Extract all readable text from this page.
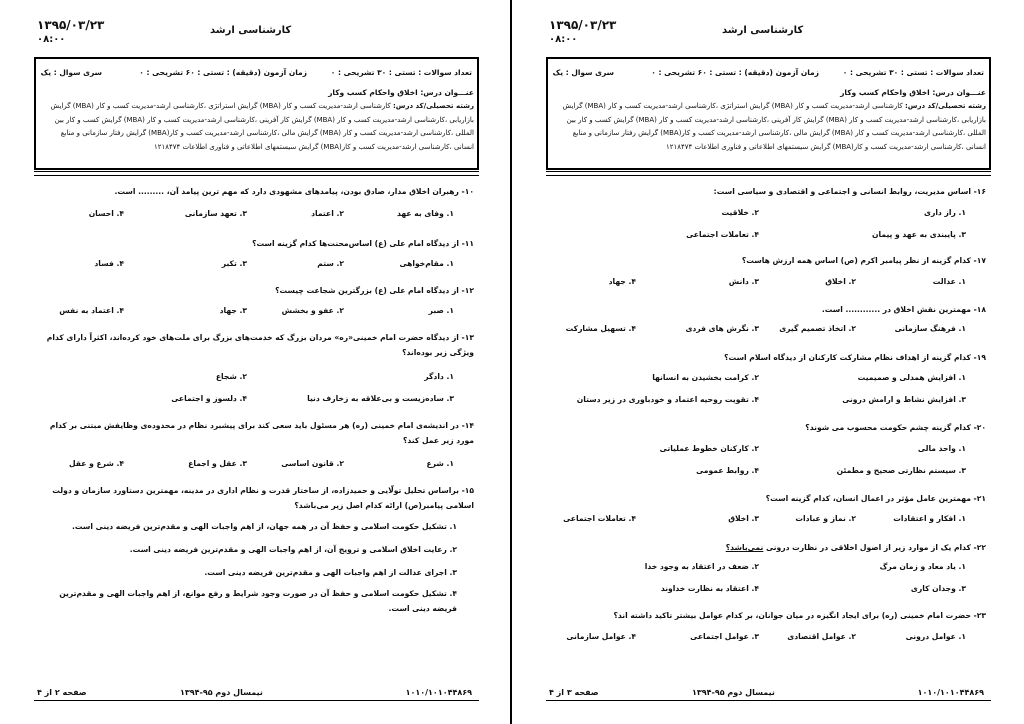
۱۳۹۵/۰۳/۲۳
۰۸:۰۰
کارشناسی ارشد
تعداد سوالات : تستی : ۳۰ تشریحی : ۰
زمان آزمون (دقیقه) : تستی : ۶۰ تشریحی : ۰
سری سوال : یک
عنـــوان درس: اخلاق واحکام کسب وکار
رشته تحصیلی/کد درس: کارشناسی ارشد-مدیریت کسب و کار (MBA) گرایش استراتژی ،کارشناسی ارشد-مدیریت کسب و کار (MBA) گرایش بازاریابی ،کارشناسی ارشد-مدیریت کسب و کار (MBA) گرایش کار آفرینی ،کارشناسی ارشد-مدیریت کسب و کار (MBA) گرایش کسب و کار بین المللی ،کارشناسی ارشد-مدیریت کسب و کار (MBA) گرایش مالی ،کارشناسی ارشد-مدیریت کسب و کار(MBA) گرایش رفتار سازمانی و منابع انسانی ،کارشناسی ارشد-مدیریت کسب و کار(MBA) گرایش سیستمهای اطلاعاتی و فناوری اطلاعات ۱۲۱۸۴۷۴
۱۰- رهبران اخلاق مدار، صادق بودن، پیامدهای مشهودی دارد که مهم ترین پیامد آن، ......... است.
۱. وفای به عهد
۲. اعتماد
۳. تعهد سازمانی
۴. احسان
۱۱- از دیدگاه امام علی (ع) اساس‌محنت‌ها کدام گزینه است؟
۱. مقام‌خواهی
۲. ستم
۳. تکبر
۴. فساد
۱۲- از دیدگاه امام علی (ع) بزرگترین شجاعت چیست؟
۱. صبر
۲. عفو و بخشش
۳. جهاد
۴. اعتماد به نفس
۱۳- از دیدگاه حضرت امام خمینی«ره» مردان بزرگ که خدمت‌های بزرگ برای ملت‌های خود کرده‌اند، اکثراً دارای کدام ویژگی زیر بوده‌اند؟
۱. دادگر
۲. شجاع
۳. ساده‌زیست و بی‌علاقه به زخارف دنیا
۴. دلسوز و اجتماعی
۱۴- در اندیشه‌ی امام خمینی (ره) هر مسئول باید سعی کند برای پیشبرد نظام در محدوده‌ی وظایفش مبتنی بر کدام مورد زیر عمل کند؟
۱. شرع
۲. قانون اساسی
۳. عقل و اجماع
۴. شرع و عقل
۱۵- براساس تحلیل تولّایی و حمیدزاده، از ساختار قدرت و نظام اداری در مدینه، مهمترین دستاورد سازمان و دولت اسلامی پیامبر(ص) ارائه کدام اصل زیر می‌باشد؟
۱. تشکیل حکومت اسلامی و حفظ آن در همه جهان، از اهم واجبات الهی و مقدم‌ترین فریضه دینی است.
۲. رعایت اخلاق اسلامی و ترویج آن، از اهم واجبات الهی و مقدم‌ترین فریضه دینی است.
۳. اجرای عدالت از اهم واجبات الهی و مقدم‌ترین فریضه دینی است.
۴. تشکیل حکومت اسلامی و حفظ آن در صورت وجود شرایط و رفع موانع، از اهم واجبات الهی و مقدم‌ترین فریضه دینی است.
۱۰۱۰/۱۰۱۰۴۴۸۶۹
نیمسال دوم ۹۵-۱۳۹۴
صفحه ۲ از ۴
۱۳۹۵/۰۳/۲۳
۰۸:۰۰
کارشناسی ارشد
تعداد سوالات : تستی : ۳۰ تشریحی : ۰
زمان آزمون (دقیقه) : تستی : ۶۰ تشریحی : ۰
سری سوال : یک
عنـــوان درس: اخلاق واحکام کسب وکار
رشته تحصیلی/کد درس: کارشناسی ارشد-مدیریت کسب و کار (MBA) گرایش استراتژی ،کارشناسی ارشد-مدیریت کسب و کار (MBA) گرایش بازاریابی ،کارشناسی ارشد-مدیریت کسب و کار (MBA) گرایش کار آفرینی ،کارشناسی ارشد-مدیریت کسب و کار (MBA) گرایش کسب و کار بین المللی ،کارشناسی ارشد-مدیریت کسب و کار (MBA) گرایش مالی ،کارشناسی ارشد-مدیریت کسب و کار(MBA) گرایش رفتار سازمانی و منابع انسانی ،کارشناسی ارشد-مدیریت کسب و کار(MBA) گرایش سیستمهای اطلاعاتی و فناوری اطلاعات ۱۲۱۸۴۷۴
۱۶- اساس مدیریت، روابط انسانی و اجتماعی و اقتصادی و سیاسی است:
۱. راز داری
۲. خلاقیت
۳. پایبندی به عهد و پیمان
۴. تعاملات اجتماعی
۱۷- کدام گزینه از نظر پیامبر اکرم (ص) اساس همه ارزش هاست؟
۱. عدالت
۲. اخلاق
۳. دانش
۴. جهاد
۱۸- مهمترین نقش اخلاق در ............ است.
۱. فرهنگ سازمانی
۲. اتخاذ تصمیم گیری
۳. نگرش های فردی
۴. تسهیل مشارکت
۱۹- کدام گزینه از اهداف نظام مشارکت کارکنان از دیدگاه اسلام است؟
۱. افزایش همدلی و صمیمیت
۲. کرامت بخشیدن به انسانها
۳. افزایش نشاط و ارامش درونی
۴. تقویت روحیه اعتماد و خودباوری در زیر دستان
۲۰- کدام گزینه چشم حکومت محسوب می شوند؟
۱. واحد مالی
۲. کارکنان خطوط عملیاتی
۳. سیستم نظارتی صحیح و مطمئن
۴. روابط عمومی
۲۱- مهمترین عامل مؤثر در اعمال انسان، کدام گزینه است؟
۱. افکار و اعتقادات
۲. نماز و عبادات
۳. اخلاق
۴. تعاملات اجتماعی
۲۲- کدام یک از موارد زیر از اصول اخلاقی در نظارت درونی نمی‌باشد؟
۱. یاد معاد و زمان مرگ
۲. ضعف در اعتقاد به وجود خدا
۳. وجدان کاری
۴. اعتقاد به نظارت خداوند
۲۳- حضرت امام خمینی (ره) برای ایجاد انگیزه در میان جوانان، بر کدام عوامل بیشتر تاکید داشته اند؟
۱. عوامل درونی
۲. عوامل اقتصادی
۳. عوامل اجتماعی
۴. عوامل سازمانی
۱۰۱۰/۱۰۱۰۴۴۸۶۹
نیمسال دوم ۹۵-۱۳۹۴
صفحه ۳ از ۴
